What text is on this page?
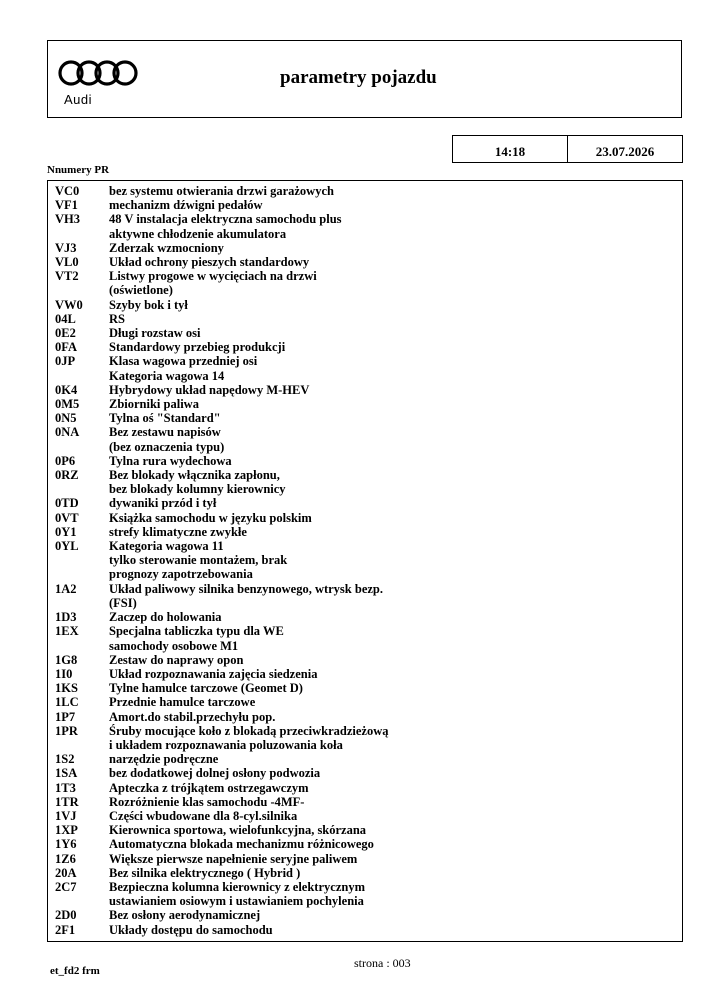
Audi
parametry pojazdu
14:18	23.07.2026
Nnumery PR
VC0	bez systemu otwierania drzwi garażowych
VF1	mechanizm dźwigni pedałów
VH3	48 V instalacja elektryczna samochodu plus
aktywne chłodzenie akumulatora
VJ3	Zderzak wzmocniony
VL0	Układ ochrony pieszych standardowy
VT2	Listwy progowe w wycięciach na drzwi
(oświetlone)
VW0	Szyby bok i tył
04L	RS
0E2	Długi rozstaw osi
0FA	Standardowy przebieg produkcji
0JP	Klasa wagowa przedniej osi
Kategoria wagowa 14
0K4	Hybrydowy układ napędowy M-HEV
0M5	Zbiorniki paliwa
0N5	Tylna oś "Standard"
0NA	Bez zestawu napisów
(bez oznaczenia typu)
0P6	Tylna rura wydechowa
0RZ	Bez blokady włącznika zapłonu,
bez blokady kolumny kierownicy
0TD	dywaniki przód i tył
0VT	Książka samochodu w języku polskim
0Y1	strefy klimatyczne zwykłe
0YL	Kategoria wagowa 11
tylko sterowanie montażem, brak
prognozy zapotrzebowania
1A2	Układ paliwowy silnika benzynowego, wtrysk bezp.
(FSI)
1D3	Zaczep do holowania
1EX	Specjalna tabliczka typu dla WE
samochody osobowe M1
1G8	Zestaw do naprawy opon
1I0	Układ rozpoznawania zajęcia siedzenia
1KS	Tylne hamulce tarczowe (Geomet D)
1LC	Przednie hamulce tarczowe
1P7	Amort.do stabil.przechyłu pop.
1PR	Śruby mocujące koło z blokadą przeciwkradzieżową
i układem rozpoznawania poluzowania koła
1S2	narzędzie podręczne
1SA	bez dodatkowej dolnej osłony podwozia
1T3	Apteczka z trójkątem ostrzegawczym
1TR	Rozróżnienie klas samochodu -4MF-
1VJ	Części wbudowane dla 8-cyl.silnika
1XP	Kierownica sportowa, wielofunkcyjna, skórzana
1Y6	Automatyczna blokada mechanizmu różnicowego
1Z6	Większe pierwsze napełnienie seryjne paliwem
20A	Bez silnika elektrycznego ( Hybrid )
2C7	Bezpieczna kolumna kierownicy z elektrycznym
ustawianiem osiowym i ustawianiem pochylenia
2D0	Bez osłony aerodynamicznej
2F1	Układy dostępu do samochodu
strona : 003
et_fd2 frm
